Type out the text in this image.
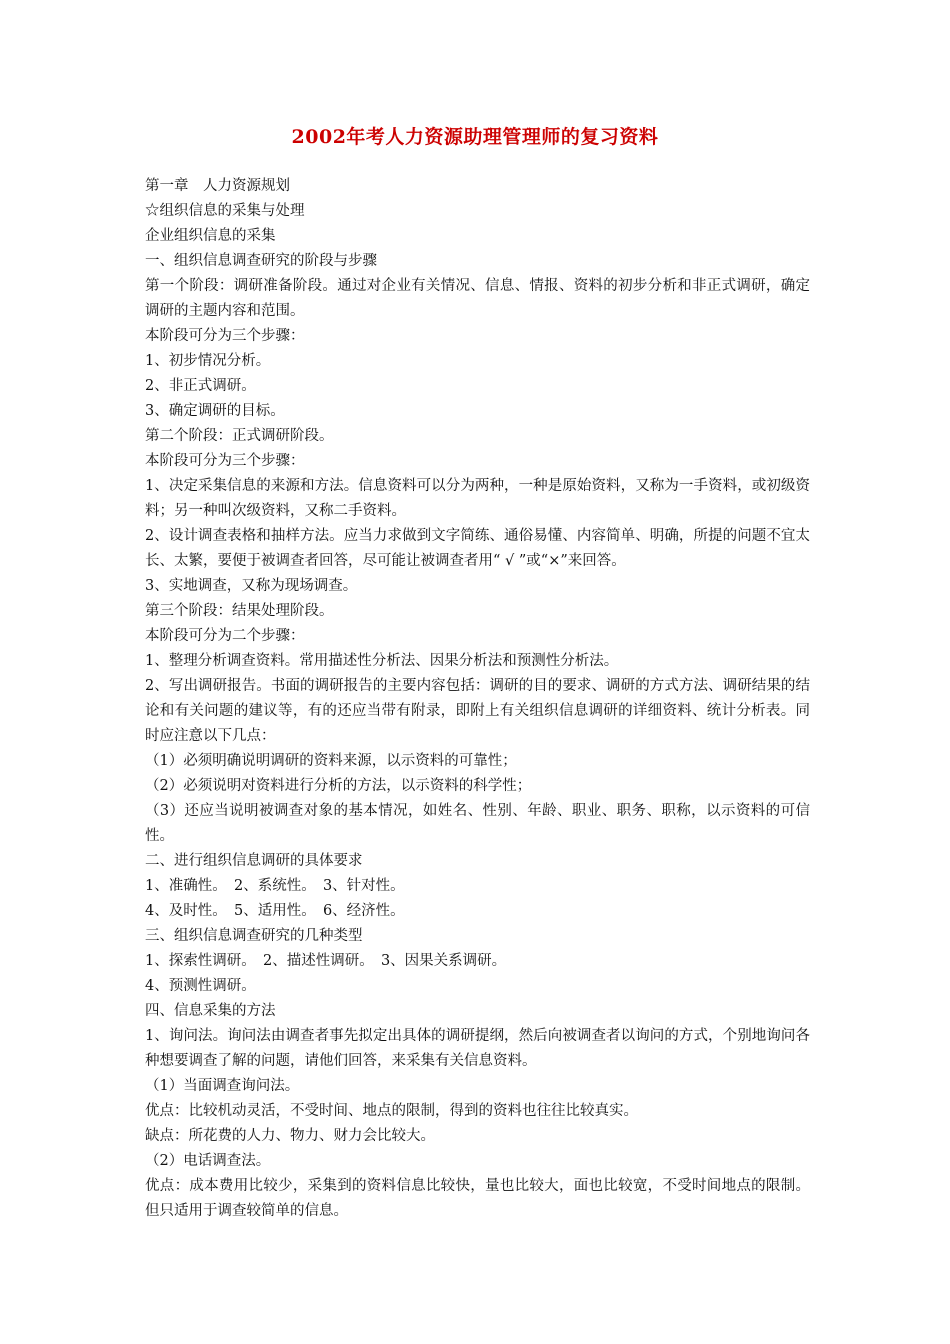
2002年考人力资源助理管理师的复习资料

第一章　人力资源规划

☆组织信息的采集与处理

企业组织信息的采集

一、组织信息调查研究的阶段与步骤

第一个阶段：调研准备阶段。通过对企业有关情况、信息、情报、资料的初步分析和非正式调研，确定调研的主题内容和范围。

本阶段可分为三个步骤：

1、初步情况分析。

2、非正式调研。

3、确定调研的目标。

第二个阶段：正式调研阶段。

本阶段可分为三个步骤：

1、决定采集信息的来源和方法。信息资料可以分为两种，一种是原始资料，又称为一手资料，或初级资料；另一种叫次级资料，又称二手资料。

2、设计调查表格和抽样方法。应当力求做到文字简练、通俗易懂、内容简单、明确，所提的问题不宜太长、太繁，要便于被调查者回答，尽可能让被调查者用“ √ ”或“×”来回答。

3、实地调查，又称为现场调查。

第三个阶段：结果处理阶段。

本阶段可分为二个步骤：

1、整理分析调查资料。常用描述性分析法、因果分析法和预测性分析法。

2、写出调研报告。书面的调研报告的主要内容包括：调研的目的要求、调研的方式方法、调研结果的结论和有关问题的建议等，有的还应当带有附录，即附上有关组织信息调研的详细资料、统计分析表。同时应注意以下几点：

（1）必须明确说明调研的资料来源，以示资料的可靠性；

（2）必须说明对资料进行分析的方法，以示资料的科学性；

（3）还应当说明被调查对象的基本情况，如姓名、性别、年龄、职业、职务、职称，以示资料的可信性。

二、进行组织信息调研的具体要求

1、准确性。　2、系统性。　3、针对性。

4、及时性。　5、适用性。　6、经济性。

三、组织信息调查研究的几种类型

1、探索性调研。　2、描述性调研。　3、因果关系调研。

4、预测性调研。

四、信息采集的方法

1、询问法。询问法由调查者事先拟定出具体的调研提纲，然后向被调查者以询问的方式，个别地询问各种想要调查了解的问题，请他们回答，来采集有关信息资料。

（1）当面调查询问法。

优点：比较机动灵活，不受时间、地点的限制，得到的资料也往往比较真实。

缺点：所花费的人力、物力、财力会比较大。

（2）电话调查法。

优点：成本费用比较少，采集到的资料信息比较快，量也比较大，面也比较宽，不受时间地点的限制。但只适用于调查较简单的信息。
